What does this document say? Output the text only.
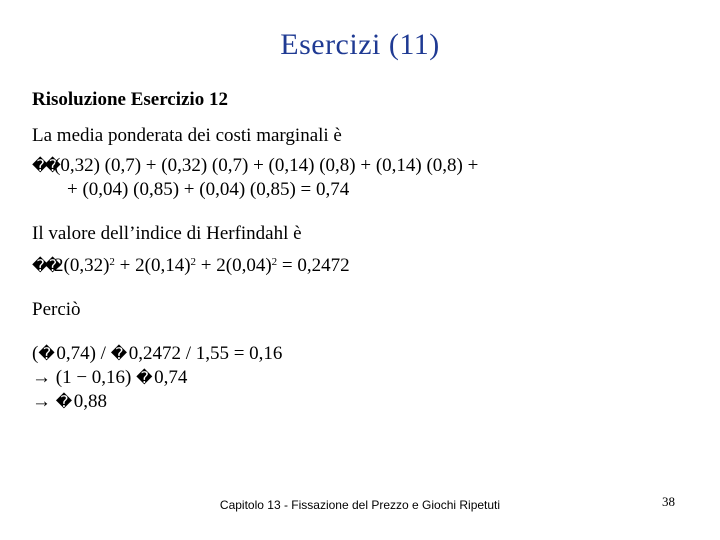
Esercizi (11)
Risoluzione Esercizio 12
La media ponderata dei costi marginali è
��(0,32) (0,7) + (0,32) (0,7) + (0,14) (0,8) + (0,14) (0,8) +
+ (0,04) (0,85) + (0,04) (0,85) = 0,74
Il valore dell’indice di Herfindahl è
$��2(0,32)^2 + 2(0,14)^2 + 2(0,04)^2 = 0,2472$
Perciò
(� 0,74) / � 0,2472 / 1,55 = 0,16
→ (1 − 0,16) � 0,74
→ � 0,88
Capitolo 13 - Fissazione del Prezzo e Giochi Ripetuti	38
